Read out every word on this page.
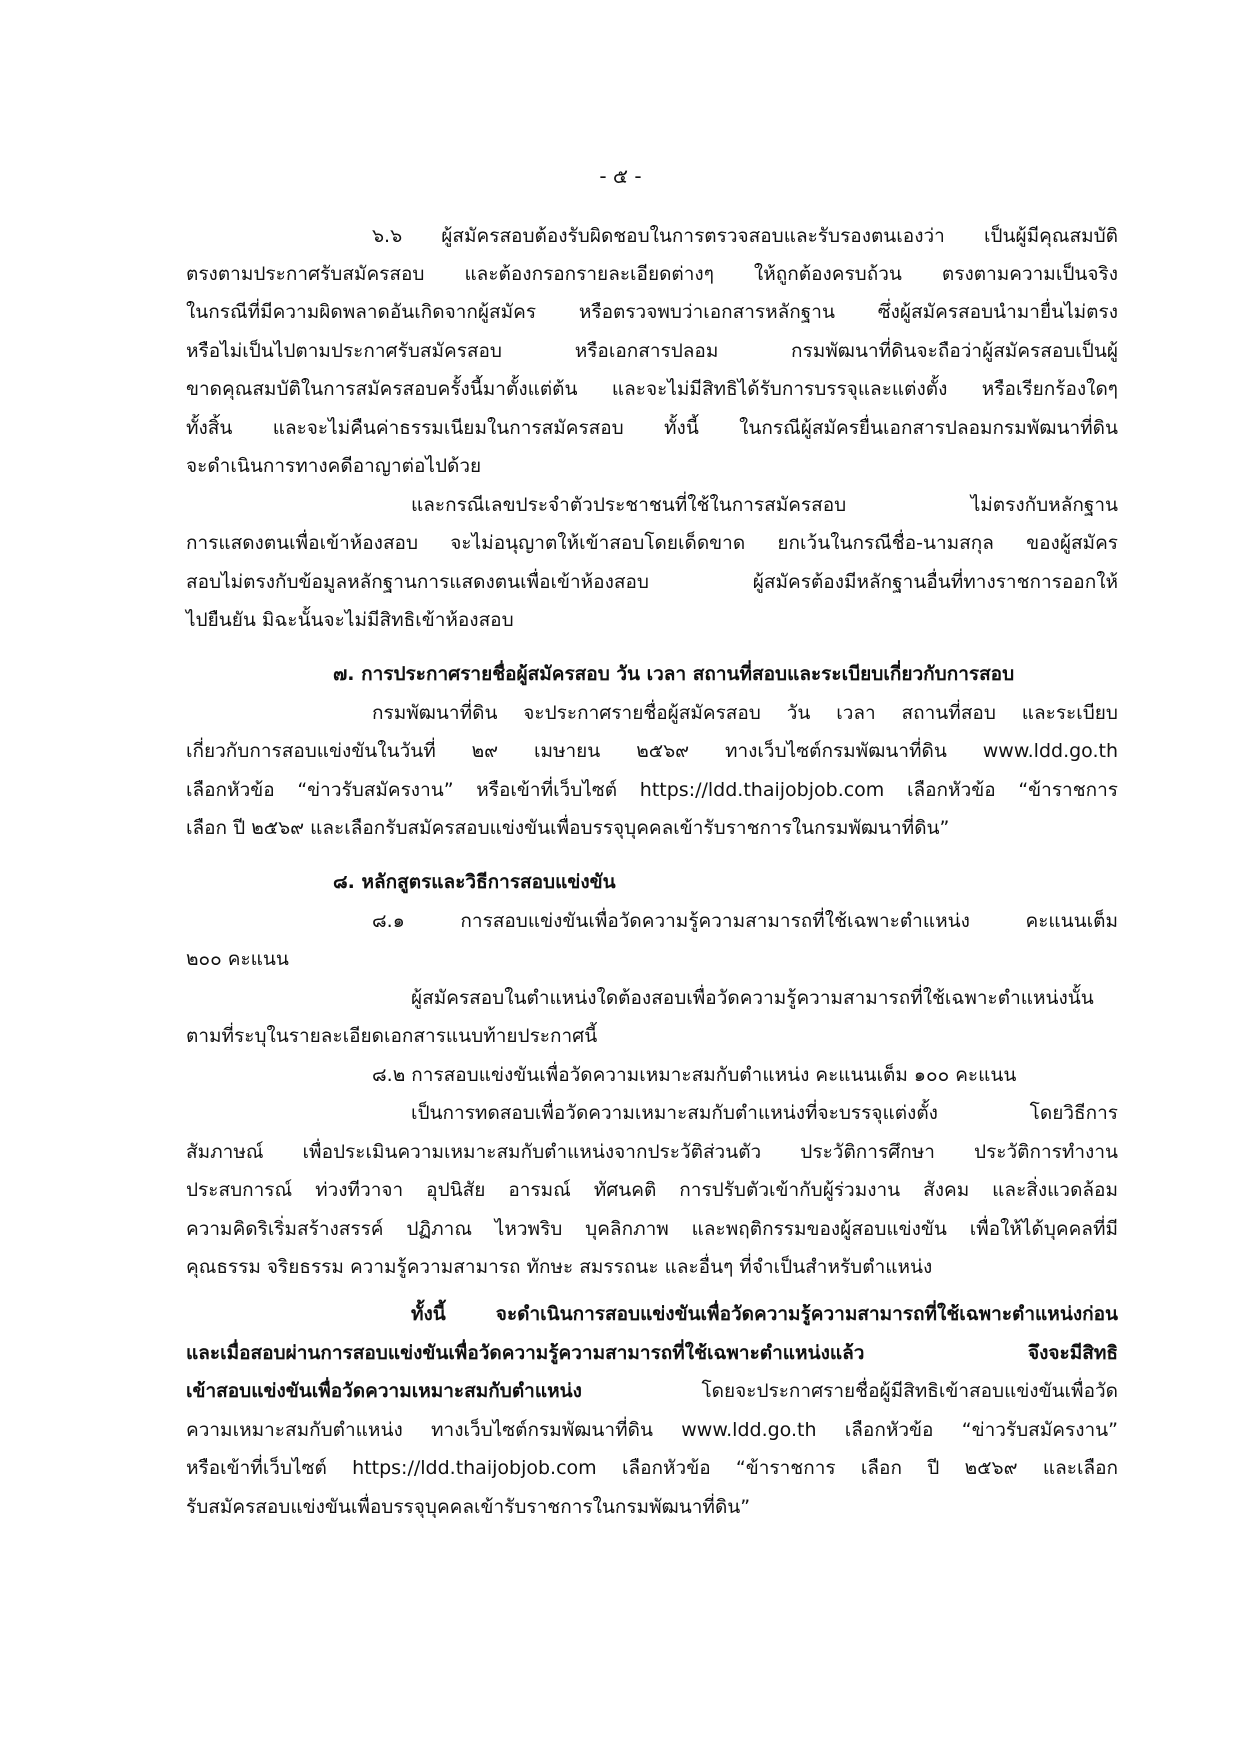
- ๕ -
๖.๖ ผู้สมัครสอบต้องรับผิดชอบในการตรวจสอบและรับรองตนเองว่า เป็นผู้มีคุณสมบัติ
ตรงตามประกาศรับสมัครสอบ และต้องกรอกรายละเอียดต่างๆ ให้ถูกต้องครบถ้วน ตรงตามความเป็นจริง
ในกรณีที่มีความผิดพลาดอันเกิดจากผู้สมัคร หรือตรวจพบว่าเอกสารหลักฐาน ซึ่งผู้สมัครสอบนำมายื่นไม่ตรง
หรือไม่เป็นไปตามประกาศรับสมัครสอบ หรือเอกสารปลอม กรมพัฒนาที่ดินจะถือว่าผู้สมัครสอบเป็นผู้
ขาดคุณสมบัติในการสมัครสอบครั้งนี้มาตั้งแต่ต้น และจะไม่มีสิทธิได้รับการบรรจุและแต่งตั้ง หรือเรียกร้องใดๆ
ทั้งสิ้น และจะไม่คืนค่าธรรมเนียมในการสมัครสอบ ทั้งนี้ ในกรณีผู้สมัครยื่นเอกสารปลอมกรมพัฒนาที่ดิน
จะดำเนินการทางคดีอาญาต่อไปด้วย
และกรณีเลขประจำตัวประชาชนที่ใช้ในการสมัครสอบ ไม่ตรงกับหลักฐาน
การแสดงตนเพื่อเข้าห้องสอบ จะไม่อนุญาตให้เข้าสอบโดยเด็ดขาด ยกเว้นในกรณีชื่อ-นามสกุล ของผู้สมัคร
สอบไม่ตรงกับข้อมูลหลักฐานการแสดงตนเพื่อเข้าห้องสอบ ผู้สมัครต้องมีหลักฐานอื่นที่ทางราชการออกให้
ไปยืนยัน มิฉะนั้นจะไม่มีสิทธิเข้าห้องสอบ
๗. การประกาศรายชื่อผู้สมัครสอบ วัน เวลา สถานที่สอบและระเบียบเกี่ยวกับการสอบ
กรมพัฒนาที่ดิน จะประกาศรายชื่อผู้สมัครสอบ วัน เวลา สถานที่สอบ และระเบียบ
เกี่ยวกับการสอบแข่งขันในวันที่ ๒๙ เมษายน ๒๕๖๙ ทางเว็บไซต์กรมพัฒนาที่ดิน www.ldd.go.th
เลือกหัวข้อ “ข่าวรับสมัครงาน” หรือเข้าที่เว็บไซต์ https://ldd.thaijobjob.com เลือกหัวข้อ “ข้าราชการ
เลือก ปี ๒๕๖๙ และเลือกรับสมัครสอบแข่งขันเพื่อบรรจุบุคคลเข้ารับราชการในกรมพัฒนาที่ดิน”
๘. หลักสูตรและวิธีการสอบแข่งขัน
๘.๑ การสอบแข่งขันเพื่อวัดความรู้ความสามารถที่ใช้เฉพาะตำแหน่ง คะแนนเต็ม
๒๐๐ คะแนน
ผู้สมัครสอบในตำแหน่งใดต้องสอบเพื่อวัดความรู้ความสามารถที่ใช้เฉพาะตำแหน่งนั้น
ตามที่ระบุในรายละเอียดเอกสารแนบท้ายประกาศนี้
๘.๒ การสอบแข่งขันเพื่อวัดความเหมาะสมกับตำแหน่ง คะแนนเต็ม ๑๐๐ คะแนน
เป็นการทดสอบเพื่อวัดความเหมาะสมกับตำแหน่งที่จะบรรจุแต่งตั้ง โดยวิธีการ
สัมภาษณ์ เพื่อประเมินความเหมาะสมกับตำแหน่งจากประวัติส่วนตัว ประวัติการศึกษา ประวัติการทำงาน
ประสบการณ์ ท่วงทีวาจา อุปนิสัย อารมณ์ ทัศนคติ การปรับตัวเข้ากับผู้ร่วมงาน สังคม และสิ่งแวดล้อม
ความคิดริเริ่มสร้างสรรค์ ปฏิภาณ ไหวพริบ บุคลิกภาพ และพฤติกรรมของผู้สอบแข่งขัน เพื่อให้ได้บุคคลที่มี
คุณธรรม จริยธรรม ความรู้ความสามารถ ทักษะ สมรรถนะ และอื่นๆ ที่จำเป็นสำหรับตำแหน่ง
ทั้งนี้ จะดำเนินการสอบแข่งขันเพื่อวัดความรู้ความสามารถที่ใช้เฉพาะตำแหน่งก่อน
และเมื่อสอบผ่านการสอบแข่งขันเพื่อวัดความรู้ความสามารถที่ใช้เฉพาะตำแหน่งแล้ว จึงจะมีสิทธิ
เข้าสอบแข่งขันเพื่อวัดความเหมาะสมกับตำแหน่ง โดยจะประกาศรายชื่อผู้มีสิทธิเข้าสอบแข่งขันเพื่อวัด
ความเหมาะสมกับตำแหน่ง ทางเว็บไซต์กรมพัฒนาที่ดิน www.ldd.go.th เลือกหัวข้อ “ข่าวรับสมัครงาน”
หรือเข้าที่เว็บไซต์ https://ldd.thaijobjob.com เลือกหัวข้อ “ข้าราชการ เลือก ปี ๒๕๖๙ และเลือก
รับสมัครสอบแข่งขันเพื่อบรรจุบุคคลเข้ารับราชการในกรมพัฒนาที่ดิน”
